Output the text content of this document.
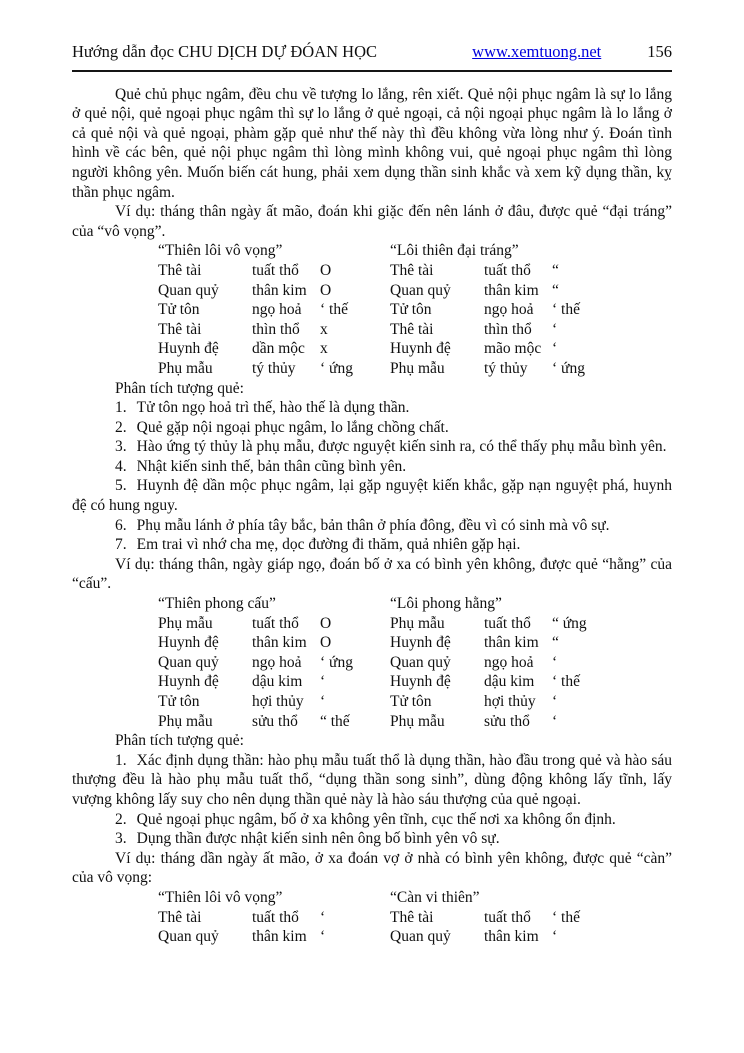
Hướng dẫn đọc CHU DỊCH DỰ ĐÓAN HỌC	www.xemtuong.net	156

Quẻ chủ phục ngâm, đều chu về tượng lo lắng, rên xiết. Quẻ nội phục ngâm là sự lo lắng ở quẻ nội, quẻ ngoại phục ngâm thì sự lo lắng ở quẻ ngoại, cả nội ngoại phục ngâm là lo lắng ở cả quẻ nội và quẻ ngoại, phàm gặp quẻ như thế này thì đều không vừa lòng như ý. Đoán tình hình về các bên, quẻ nội phục ngâm thì lòng mình không vui, quẻ ngoại phục ngâm thì lòng người không yên. Muốn biến cát hung, phải xem dụng thần sinh khắc và xem kỹ dụng thần, kỵ thần phục ngâm.

Ví dụ: tháng thân ngày ất mão, đoán khi giặc đến nên lánh ở đâu, được quẻ “đại tráng” của “vô vọng”.

“Thiên lôi vô vọng”
Thê tài	tuất thổ	O
Quan quỷ	thân kim O
Tử tôn	ngọ hoả	‘ thế
Thê tài	thìn thổ	x
Huynh đệ	dần mộc x
Phụ mẫu	tý thủy	‘ ứng
“Lôi thiên đại tráng”
Thê tài	tuất thổ	“
Quan quỷ	thân kim “
Tử tôn	ngọ hoả	‘ thế
Thê tài	thìn thổ	‘
Huynh đệ	mão mộc ‘
Phụ mẫu	tý thủy	‘ ứng

Phân tích tượng quẻ:

1. Tử tôn ngọ hoả trì thế, hào thế là dụng thần.

2. Quẻ gặp nội ngoại phục ngâm, lo lắng chồng chất.

3. Hào ứng tý thủy là phụ mẫu, được nguyệt kiến sinh ra, có thể thấy phụ mẫu bình yên.

4. Nhật kiến sinh thế, bản thân cũng bình yên.

5. Huynh đệ dần mộc phục ngâm, lại gặp nguyệt kiến khắc, gặp nạn nguyệt phá, huynh đệ có hung nguy.

6. Phụ mẫu lánh ở phía tây bắc, bản thân ở phía đông, đều vì có sinh mà vô sự.

7. Em trai vì nhớ cha mẹ, dọc đường đi thăm, quả nhiên gặp hại.

Ví dụ: tháng thân, ngày giáp ngọ, đoán bố ở xa có bình yên không, được quẻ “hằng” của “cấu”.

“Thiên phong cấu”
Phụ mẫu	tuất thổ	O
Huynh đệ	thân kim O
Quan quỷ	ngọ hoả	‘ ứng
Huynh đệ	dậu kim	‘
Tử tôn	hợi thủy	‘
Phụ mẫu	sửu thổ	“ thế
“Lôi phong hằng”
Phụ mẫu	tuất thổ	“ ứng
Huynh đệ	thân kim “
Quan quỷ	ngọ hoả	‘
Huynh đệ	dậu kim	‘ thế
Tử tôn	hợi thủy	‘
Phụ mẫu	sửu thổ	‘

Phân tích tượng quẻ:

1. Xác định dụng thần: hào phụ mẫu tuất thổ là dụng thần, hào đầu trong quẻ và hào sáu thượng đều là hào phụ mẫu tuất thổ, “dụng thần song sinh”, dùng động không lấy tĩnh, lấy vượng không lấy suy cho nên dụng thần quẻ này là hào sáu thượng của quẻ ngoại.

2. Quẻ ngoại phục ngâm, bố ở xa không yên tĩnh, cục thế nơi xa không ổn định.

3. Dụng thần được nhật kiến sinh nên ông bố bình yên vô sự.

Ví dụ: tháng dần ngày ất mão, ở xa đoán vợ ở nhà có bình yên không, được quẻ “càn” của vô vọng:

“Thiên lôi vô vọng”
Thê tài	tuất thổ	‘
Quan quỷ	thân kim ‘
“Càn vi thiên”
Thê tài	tuất thổ	‘ thế
Quan quỷ	thân kim ‘
